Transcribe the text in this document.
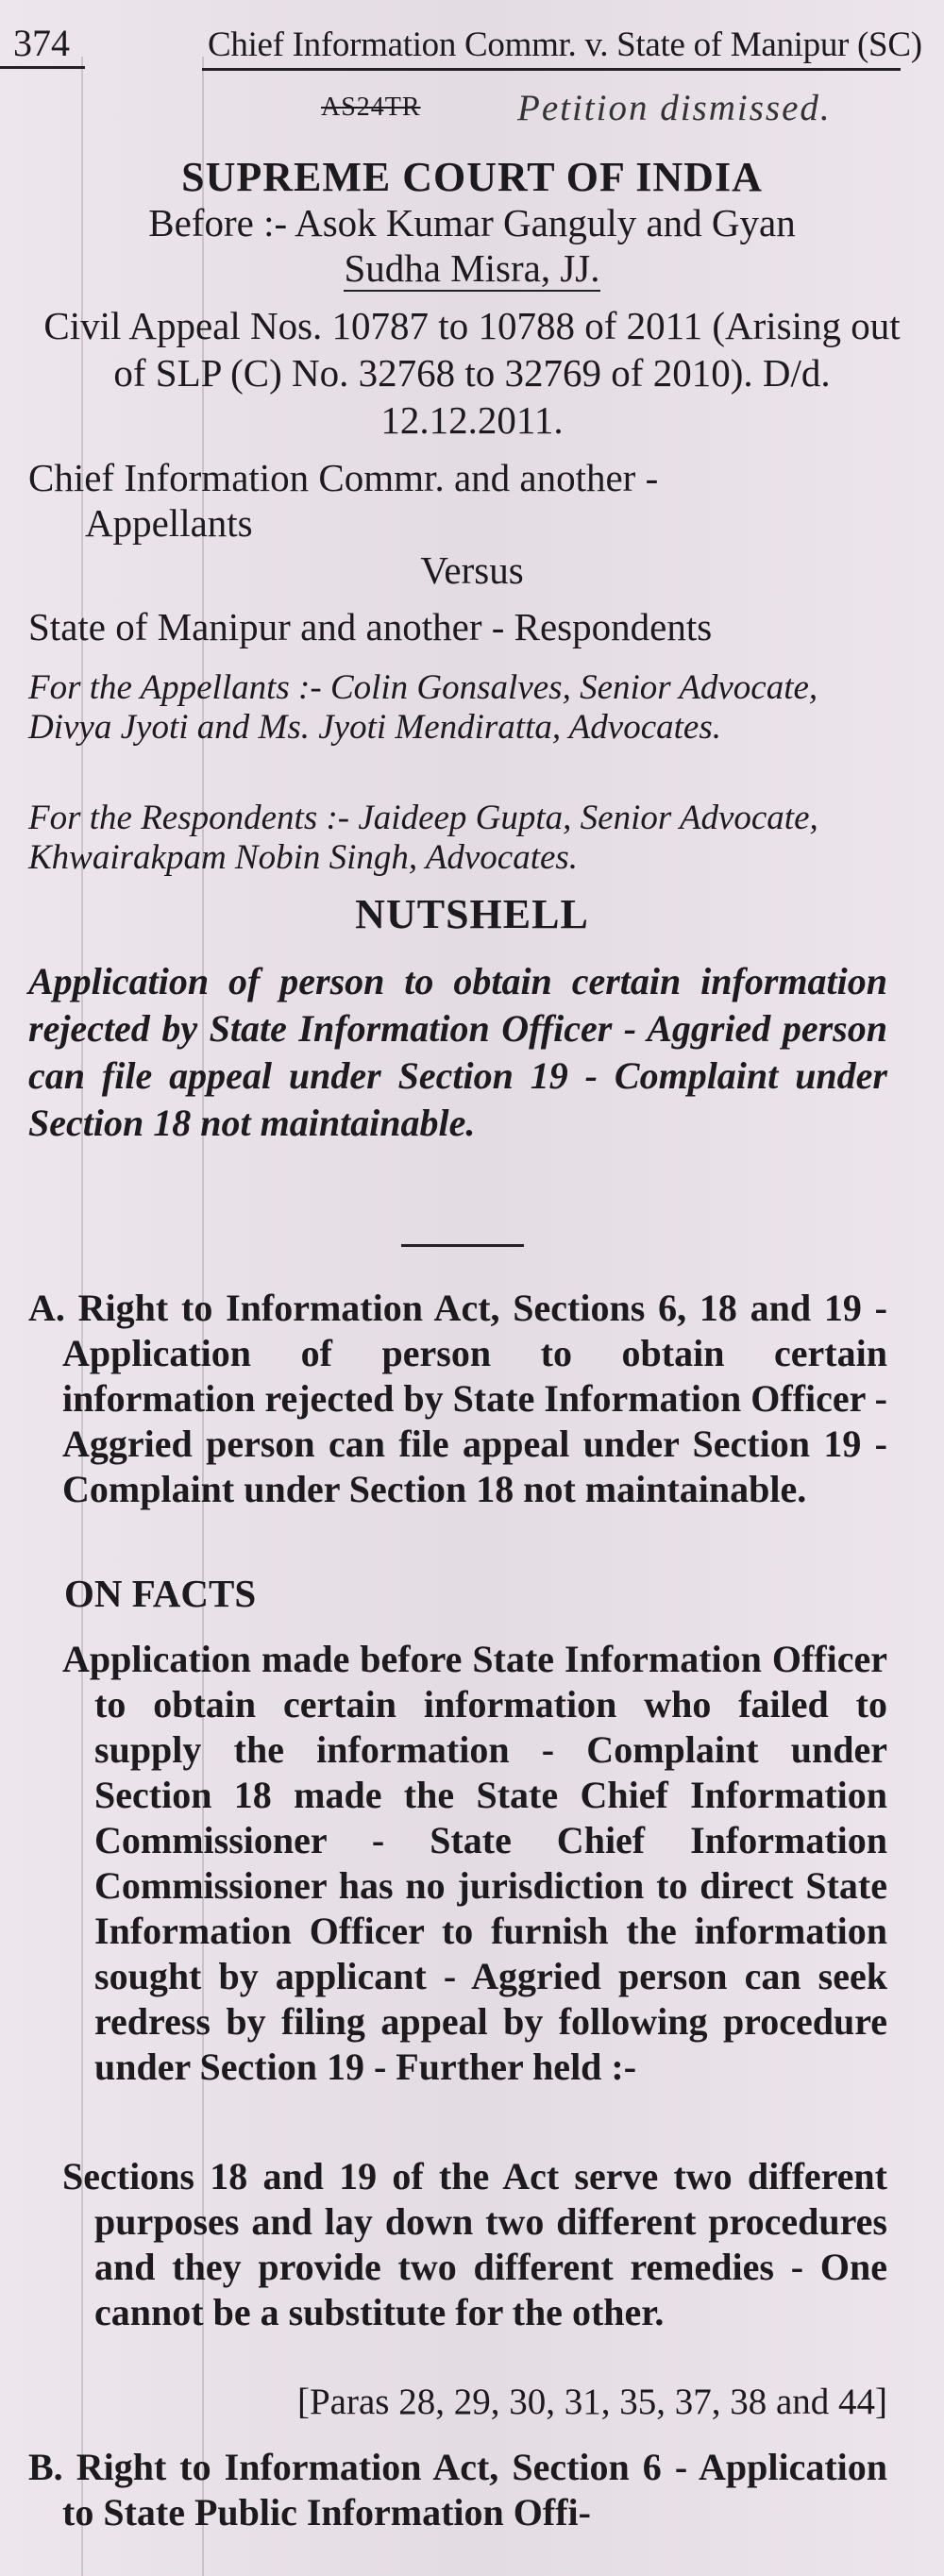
374	Chief Information Commr. v. State of Manipur (SC)
AS24TR	Petition dismissed.
SUPREME COURT OF INDIA
Before :- Asok Kumar Ganguly and Gyan
Sudha Misra, JJ.
Civil Appeal Nos. 10787 to 10788 of 2011 (Arising out of SLP (C) No. 32768 to 32769 of 2010). D/d. 12.12.2011.
Chief Information Commr. and another -
Appellants
Versus
State of Manipur and another - Respondents
For the Appellants :- Colin Gonsalves, Senior Advocate, Divya Jyoti and Ms. Jyoti Mendiratta, Advocates.
For the Respondents :- Jaideep Gupta, Senior Advocate, Khwairakpam Nobin Singh, Advocates.
NUTSHELL
Application of person to obtain certain information rejected by State Information Officer - Aggried person can file appeal under Section 19 - Complaint under Section 18 not maintainable.
A. Right to Information Act, Sections 6, 18 and 19 - Application of person to obtain certain information rejected by State Information Officer - Aggried person can file appeal under Section 19 - Complaint under Section 18 not maintainable.
ON FACTS
Application made before State Information Officer to obtain certain information who failed to supply the information - Complaint under Section 18 made the State Chief Information Commissioner - State Chief Information Commissioner has no jurisdiction to direct State Information Officer to furnish the information sought by applicant - Aggried person can seek redress by filing appeal by following procedure under Section 19 - Further held :-
Sections 18 and 19 of the Act serve two different purposes and lay down two different procedures and they provide two different remedies - One cannot be a substitute for the other.
[Paras 28, 29, 30, 31, 35, 37, 38 and 44]
B. Right to Information Act, Section 6 - Application to State Public Information Offi-
